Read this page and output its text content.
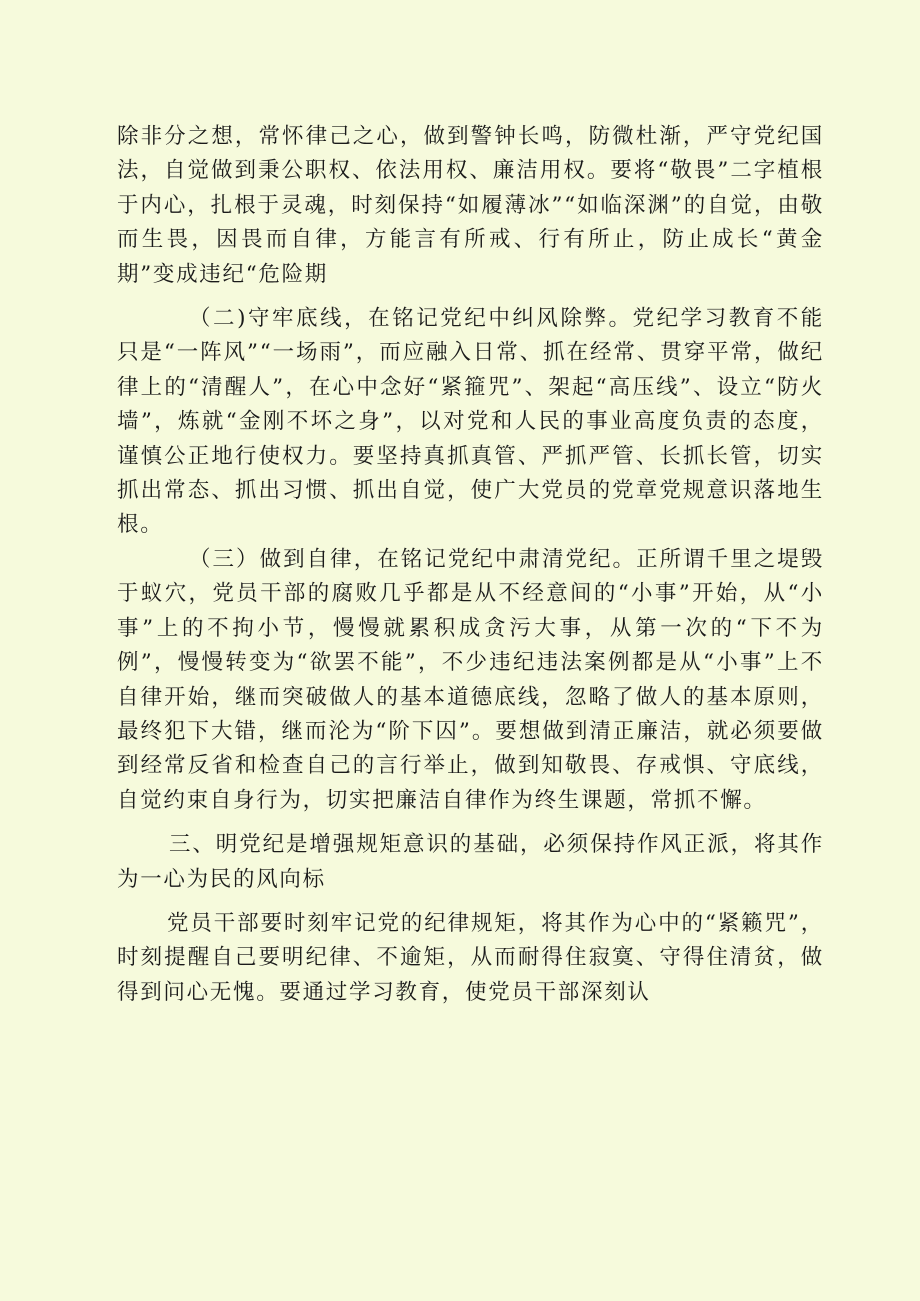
除非分之想，常怀律己之心，做到警钟长鸣，防微杜渐，严守党纪国法，自觉做到秉公职权、依法用权、廉洁用权。要将“敬畏”二字植根于内心，扎根于灵魂，时刻保持“如履薄冰”“如临深渊”的自觉，由敬而生畏，因畏而自律，方能言有所戒、行有所止，防止成长“黄金期”变成违纪“危险期

（二)守牢底线，在铭记党纪中纠风除弊。党纪学习教育不能只是“一阵风”“一场雨”，而应融入日常、抓在经常、贯穿平常，做纪律上的“清醒人”，在心中念好“紧箍咒”、架起“高压线”、设立“防火墙”，炼就“金刚不坏之身”，以对党和人民的事业高度负责的态度，谨慎公正地行使权力。要坚持真抓真管、严抓严管、长抓长管，切实抓出常态、抓出习惯、抓出自觉，使广大党员的党章党规意识落地生根。

（三）做到自律，在铭记党纪中肃清党纪。正所谓千里之堤毁于蚁穴，党员干部的腐败几乎都是从不经意间的“小事”开始，从“小事”上的不拘小节，慢慢就累积成贪污大事，从第一次的“下不为例”，慢慢转变为“欲罢不能”，不少违纪违法案例都是从“小事”上不自律开始，继而突破做人的基本道德底线，忽略了做人的基本原则，最终犯下大错，继而沦为“阶下囚”。要想做到清正廉洁，就必须要做到经常反省和检查自己的言行举止，做到知敬畏、存戒惧、守底线，自觉约束自身行为，切实把廉洁自律作为终生课题，常抓不懈。

三、明党纪是增强规矩意识的基础，必须保持作风正派，将其作为一心为民的风向标

党员干部要时刻牢记党的纪律规矩，将其作为心中的“紧籁咒”，时刻提醒自己要明纪律、不逾矩，从而耐得住寂寞、守得住清贫，做得到问心无愧。要通过学习教育，使党员干部深刻认
